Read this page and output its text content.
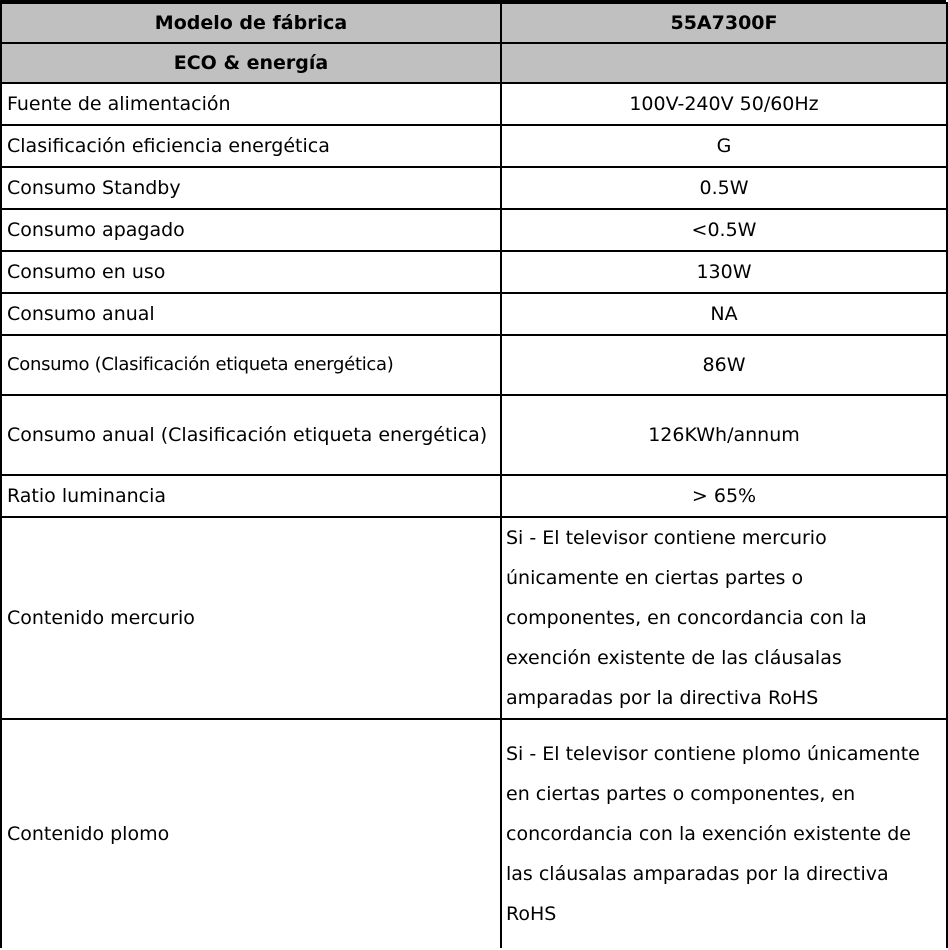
Modelo de fábrica	55A7300F
ECO & energía	
Fuente de alimentación	100V-240V 50/60Hz
Clasificación eficiencia energética	G
Consumo Standby	0.5W
Consumo apagado	<0.5W
Consumo en uso	130W
Consumo anual	NA
Consumo (Clasificación etiqueta energética)	86W
Consumo anual (Clasificación etiqueta energética)	126KWh/annum
Ratio luminancia	> 65%
Contenido mercurio	Si - El televisor contiene mercurio únicamente en ciertas partes o componentes, en concordancia con la exención existente de las cláusalas amparadas por la directiva RoHS
Contenido plomo	Si - El televisor contiene plomo únicamente en ciertas partes o componentes, en concordancia con la exención existente de las cláusalas amparadas por la directiva RoHS
